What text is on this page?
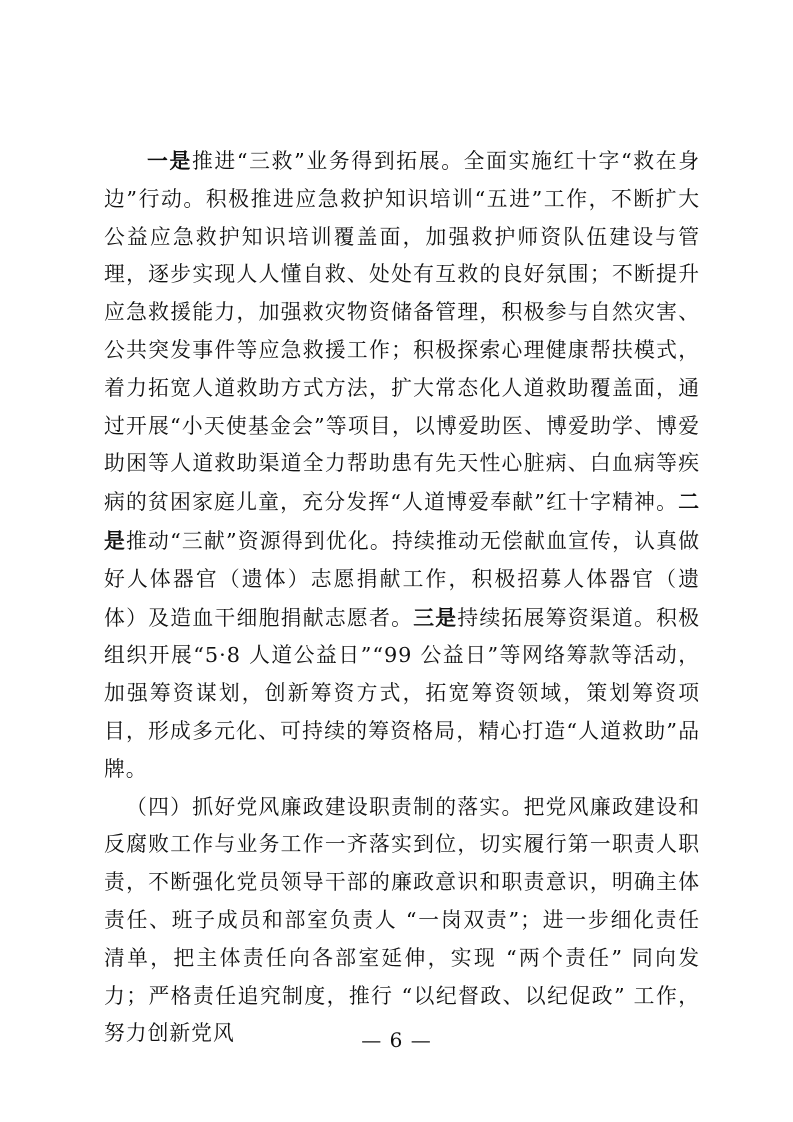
一是推进“三救”业务得到拓展。全面实施红十字“救在身边”行动。积极推进应急救护知识培训“五进”工作，不断扩大公益应急救护知识培训覆盖面，加强救护师资队伍建设与管理，逐步实现人人懂自救、处处有互救的良好氛围；不断提升应急救援能力，加强救灾物资储备管理，积极参与自然灾害、公共突发事件等应急救援工作；积极探索心理健康帮扶模式，着力拓宽人道救助方式方法，扩大常态化人道救助覆盖面，通过开展“小天使基金会”等项目，以博爱助医、博爱助学、博爱助困等人道救助渠道全力帮助患有先天性心脏病、白血病等疾病的贫困家庭儿童，充分发挥“人道博爱奉献”红十字精神。二是推动“三献”资源得到优化。持续推动无偿献血宣传，认真做好人体器官（遗体）志愿捐献工作，积极招募人体器官（遗体）及造血干细胞捐献志愿者。三是持续拓展筹资渠道。积极组织开展“5·8 人道公益日”“99 公益日”等网络筹款等活动，加强筹资谋划，创新筹资方式，拓宽筹资领域，策划筹资项目，形成多元化、可持续的筹资格局，精心打造“人道救助”品牌。

（四）抓好党风廉政建设职责制的落实。把党风廉政建设和反腐败工作与业务工作一齐落实到位，切实履行第一职责人职责，不断强化党员领导干部的廉政意识和职责意识，明确主体责任、班子成员和部室负责人 “一岗双责”；进一步细化责任清单，把主体责任向各部室延伸，实现 “两个责任” 同向发力；严格责任追究制度，推行 “以纪督政、以纪促政” 工作，努力创新党风	— 6 —
